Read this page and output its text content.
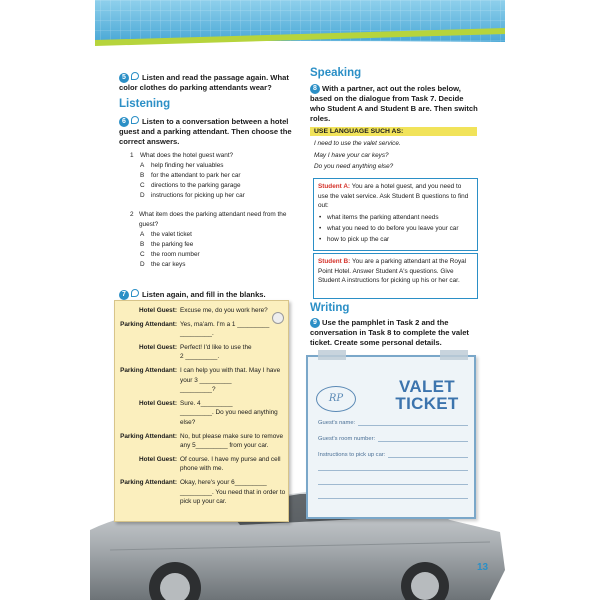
5 Listen and read the passage again. What color clothes do parking attendants wear?
Listening
6 Listen to a conversation between a hotel guest and a parking attendant. Then choose the correct answers.
1	What does the hotel guest want?
A	help finding her valuables
B	for the attendant to park her car
C directions to the parking garage
D instructions for picking up her car
2 What item does the parking attendant need from the guest?
A	the valet ticket
B	the parking fee
C the room number
D the car keys
7 Listen again, and fill in the blanks.
Hotel Guest: Excuse me, do you work here?
Parking Attendant: Yes, ma'am. I'm a 1 _________
_________.
Hotel Guest: Perfect! I'd like to use the
2 _________.
Parking Attendant: I can help you with that. May I have your 3 _________
_________?
Hotel Guest: Sure. 4_________
_________. Do you need anything else?
Parking Attendant: No, but please make sure to remove any 5_________ from your car.
Hotel Guest: Of course. I have my purse and cell phone with me.
Parking Attendant: Okay, here's your 6_________
_________. You need that in order to pick up your car.
Speaking
8 With a partner, act out the roles below, based on the dialogue from Task 7. Decide who Student A and Student B are. Then switch roles.
USE LANGUAGE SUCH AS:
I need to use the valet service.
May I have your car keys?
Do you need anything else?
Student A: You are a hotel guest, and you need to use the valet service. Ask Student B questions to find out:
• what items the parking attendant needs
• what you need to do before you leave your car
• how to pick up the car
Student B: You are a parking attendant at the Royal Point Hotel. Answer Student A's questions. Give Student A instructions for picking up his or her car.
Writing
9 Use the pamphlet in Task 2 and the conversation in Task 8 to complete the valet ticket. Create some personal details.
RP
VALET
TICKET
Guest's name:
Guest's room number:
Instructions to pick up car:
13
